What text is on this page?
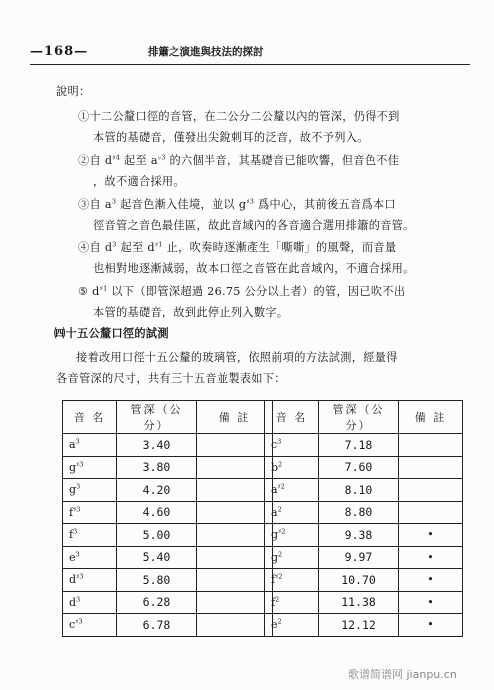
—168—	排簫之演進與技法的探討
說明：
①十二公釐口徑的音管，在二公分二公釐以內的管深，仍得不到
本管的基礎音，僅發出尖銳刺耳的泛音，故不予列入。
②自 $d^{♯4}$ 起至 $a^{♭3}$ 的六個半音，其基礎音已能吹響，但音色不佳
，故不適合採用。
③自 $a^3$ 起音色漸入佳境，並以 $g^{♯3}$ 爲中心，其前後五音爲本口
徑音管之音色最佳區，故此音域內的各音適合選用排簫的音管。
④自 $d^3$ 起至 $d^{♯1}$ 止，吹奏時逐漸產生「嘶嘶」的風聲，而音量
也相對地逐漸減弱，故本口徑之音管在此音域內，不適合採用。
⑤ $d^{♯1}$ 以下（即管深超過 26.75 公分以上者）的管，因已吹不出
本管的基礎音，故到此停止列入數字。
㈣十五公釐口徑的試測
接着改用口徑十五公釐的玻璃管，依照前項的方法試測，經量得
各音管深的尺寸，共有三十五音並製表如下：
音 名	管深（公分）	備 註
$a^3$	3.40	
$g^{♯3}$	3.80	
$g^3$	4.20	
$f^{♯3}$	4.60	
$f^3$	5.00	
$e^3$	5.40	
$d^{♯3}$	5.80	
$d^3$	6.28	
$c^{♯3}$	6.78	
音 名	管深（公分）	備 註
$c^3$	7.18	
$b^2$	7.60	
$a^{♯2}$	8.10	
$a^2$	8.80	
$g^{♯2}$	9.38	•
$g^2$	9.97	•
$f^{♯2}$	10.70	•
$f^2$	11.38	•
$e^2$	12.12	•
歌谱简谱网 jianpu.cn
